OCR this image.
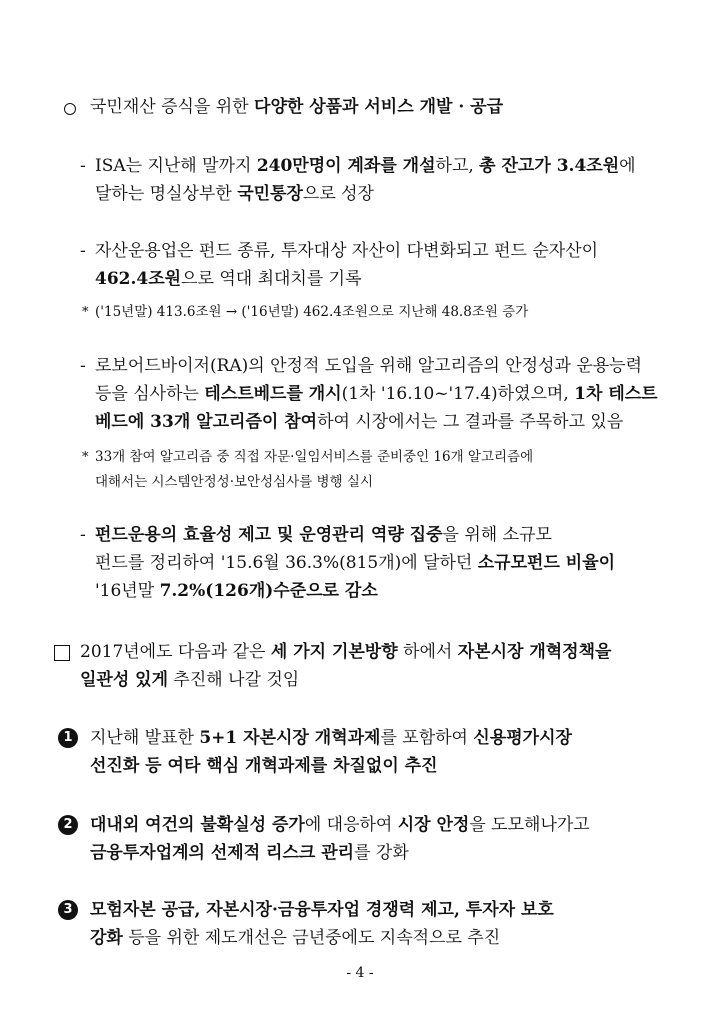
국민재산 증식을 위한 다양한 상품과 서비스 개발 · 공급
- ISA는 지난해 말까지 240만명이 계좌를 개설하고, 총 잔고가 3.4조원에
달하는 명실상부한 국민통장으로 성장
- 자산운용업은 펀드 종류, 투자대상 자산이 다변화되고 펀드 순자산이
462.4조원으로 역대 최대치를 기록
* ('15년말) 413.6조원 → ('16년말) 462.4조원으로 지난해 48.8조원 증가
- 로보어드바이저(RA)의 안정적 도입을 위해 알고리즘의 안정성과 운용능력
등을 심사하는 테스트베드를 개시(1차 '16.10~'17.4)하였으며, 1차 테스트
베드에 33개 알고리즘이 참여하여 시장에서는 그 결과를 주목하고 있음
* 33개 참여 알고리즘 중 직접 자문·일임서비스를 준비중인 16개 알고리즘에
대해서는 시스템안정성·보안성심사를 병행 실시
- 펀드운용의 효율성 제고 및 운영관리 역량 집중을 위해 소규모
펀드를 정리하여 '15.6월 36.3%(815개)에 달하던 소규모펀드 비율이
'16년말 7.2%(126개)수준으로 감소
2017년에도 다음과 같은 세 가지 기본방향 하에서 자본시장 개혁정책을
일관성 있게 추진해 나갈 것임
1	지난해 발표한 5+1 자본시장 개혁과제를 포함하여 신용평가시장
선진화 등 여타 핵심 개혁과제를 차질없이 추진
2	대내외 여건의 불확실성 증가에 대응하여 시장 안정을 도모해나가고
금융투자업계의 선제적 리스크 관리를 강화
3	모험자본 공급, 자본시장·금융투자업 경쟁력 제고, 투자자 보호
강화 등을 위한 제도개선은 금년중에도 지속적으로 추진
- 4 -
